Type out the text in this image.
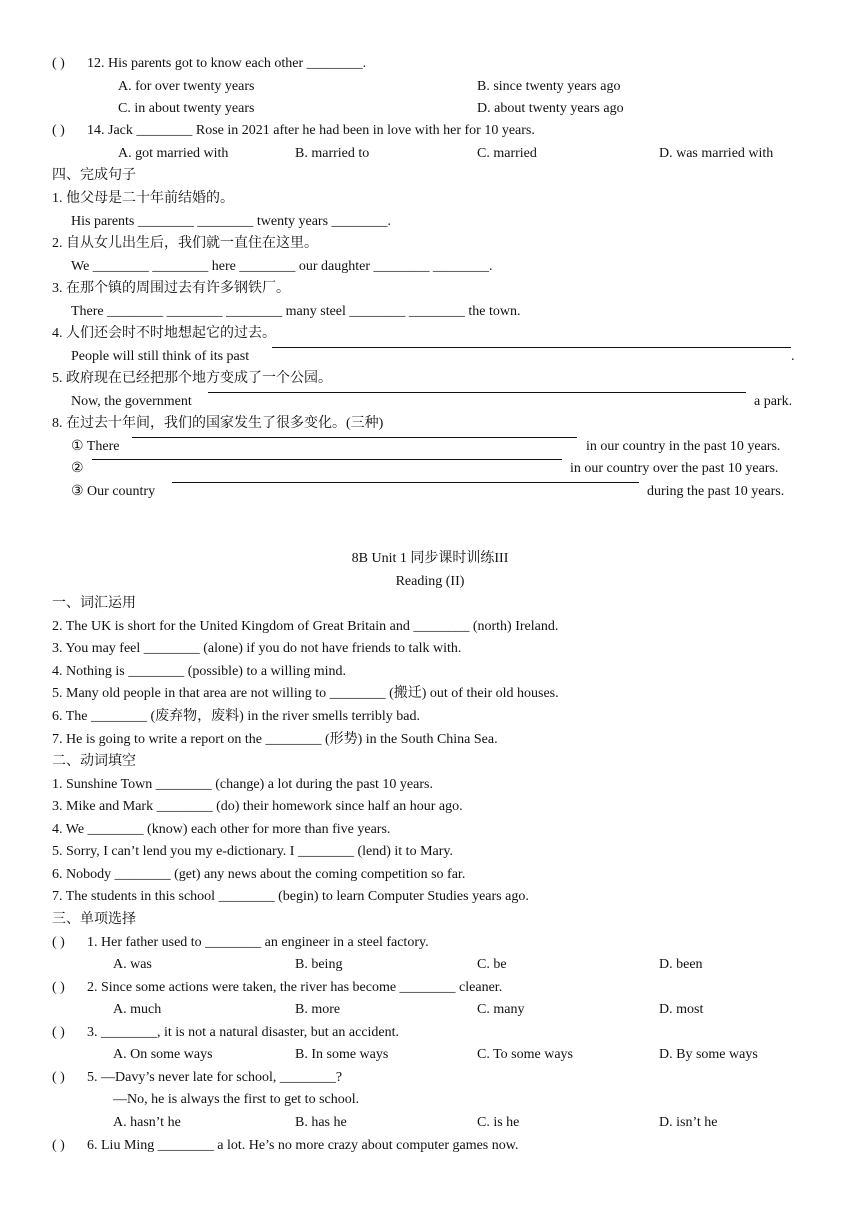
( ) 12. His parents got to know each other ________.
A. for over twenty years	B. since twenty years ago
C. in about twenty years	D. about twenty years ago
( ) 14. Jack ________ Rose in 2021 after he had been in love with her for 10 years.
A. got married with	B. married to	C. married	D. was married with
四、完成句子
1. 他父母是二十年前结婚的。
His parents ________ ________ twenty years ________.
2. 自从女儿出生后，我们就一直住在这里。
We ________ ________ here ________ our daughter ________ ________.
3. 在那个镇的周围过去有许多钢铁厂。
There ________ ________ ________ many steel ________ ________ the town.
4. 人们还会时不时地想起它的过去。
People will still think of its past	.
5. 政府现在已经把那个地方变成了一个公园。
Now, the government	a park.
8. 在过去十年间，我们的国家发生了很多变化。(三种)
① There	in our country in the past 10 years.
②	in our country over the past 10 years.
③ Our country	during the past 10 years.
8B Unit 1 同步课时训练III
Reading (II)
一、词汇运用
2. The UK is short for the United Kingdom of Great Britain and ________ (north) Ireland.
3. You may feel ________ (alone) if you do not have friends to talk with.
4. Nothing is ________ (possible) to a willing mind.
5. Many old people in that area are not willing to ________ (搬迁) out of their old houses.
6. The ________ (废弃物，废料) in the river smells terribly bad.
7. He is going to write a report on the ________ (形势) in the South China Sea.
二、动词填空
1. Sunshine Town ________ (change) a lot during the past 10 years.
3. Mike and Mark ________ (do) their homework since half an hour ago.
4. We ________ (know) each other for more than five years.
5. Sorry, I can’t lend you my e-dictionary. I ________ (lend) it to Mary.
6. Nobody ________ (get) any news about the coming competition so far.
7. The students in this school ________ (begin) to learn Computer Studies years ago.
三、单项选择
( ) 1. Her father used to ________ an engineer in a steel factory.
A. was	B. being	C. be	D. been
( ) 2. Since some actions were taken, the river has become ________ cleaner.
A. much	B. more	C. many	D. most
( ) 3. ________, it is not a natural disaster, but an accident.
A. On some ways	B. In some ways	C. To some ways	D. By some ways
( ) 5. —Davy’s never late for school, ________?
—No, he is always the first to get to school.
A. hasn’t he	B. has he	C. is he	D. isn’t he
( ) 6. Liu Ming ________ a lot. He’s no more crazy about computer games now.
